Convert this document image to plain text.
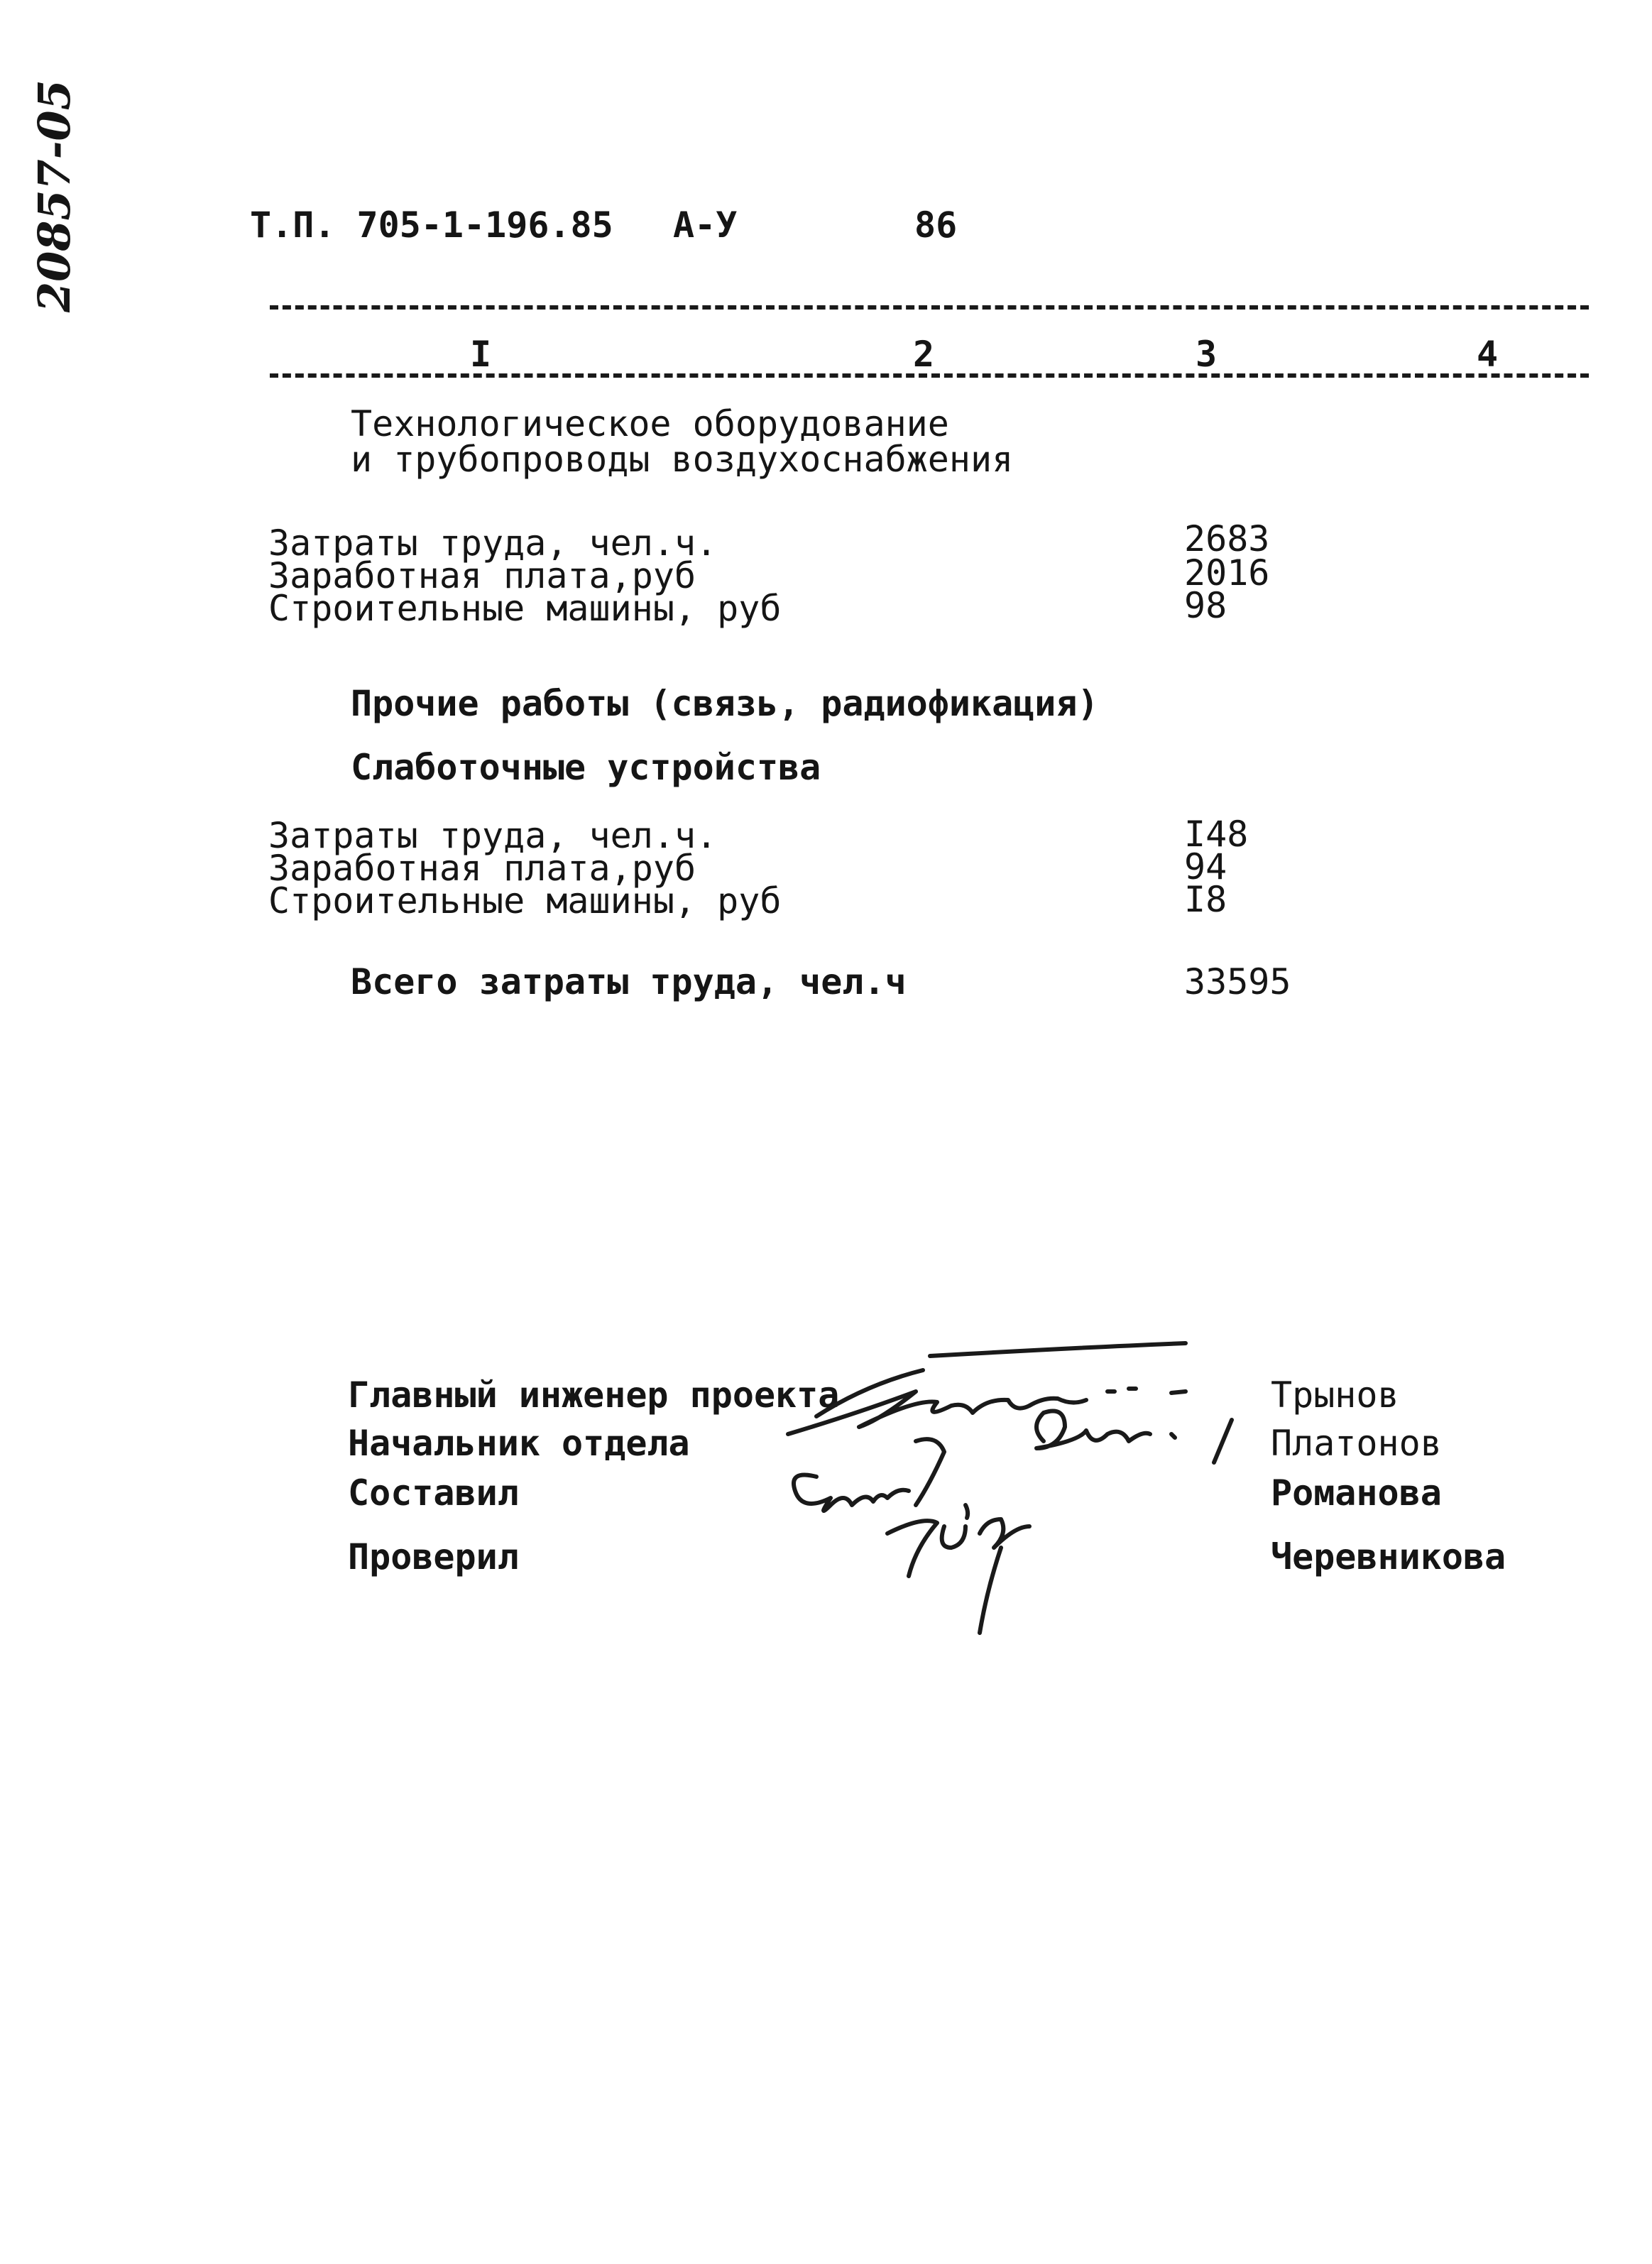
20857-05	Т.П. 705-1-196.85 А-У	86
I	2	3	4
Технологическое оборудование
и трубопроводы воздухоснабжения
Затраты труда, чел.ч.	2683
Заработная плата,руб	2016
Строительные машины, руб	98
Прочие работы (связь, радиофикация)
Слаботочные устройства
Затраты труда, чел.ч.	I48
Заработная плата,руб	94
Строительные машины, руб	I8
Всего затраты труда, чел.ч	33595
Главный инженер проекта	Трынов
Начальник отдела	Платонов
Составил	Романова
Проверил	Черевникова
